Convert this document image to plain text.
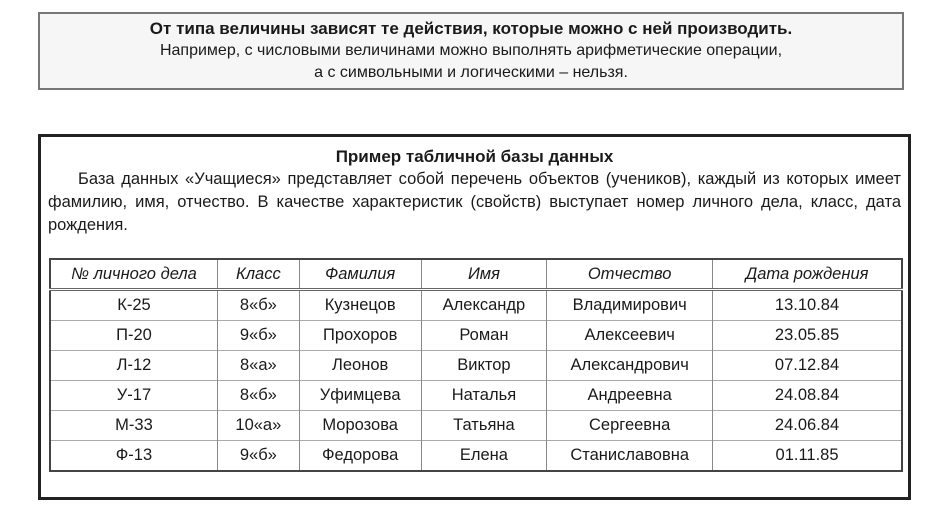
От типа величины зависят те действия, которые можно с ней производить.
Например, с числовыми величинами можно выполнять арифметические операции,
а с символьными и логическими – нельзя.
Пример табличной базы данных
База данных «Учащиеся» представляет собой перечень объектов (учеников), каждый из которых имеет фамилию, имя, отчество. В качестве характеристик (свойств) выступает номер личного дела, класс, дата рождения.
№ личного дела	Класс	Фамилия	Имя	Отчество	Дата рождения
К-25	8«б»	Кузнецов	Александр	Владимирович	13.10.84
П-20	9«б»	Прохоров	Роман	Алексеевич	23.05.85
Л-12	8«а»	Леонов	Виктор	Александрович	07.12.84
У-17	8«б»	Уфимцева	Наталья	Андреевна	24.08.84
М-33	10«а»	Морозова	Татьяна	Сергеевна	24.06.84
Ф-13	9«б»	Федорова	Елена	Станиславовна	01.11.85
